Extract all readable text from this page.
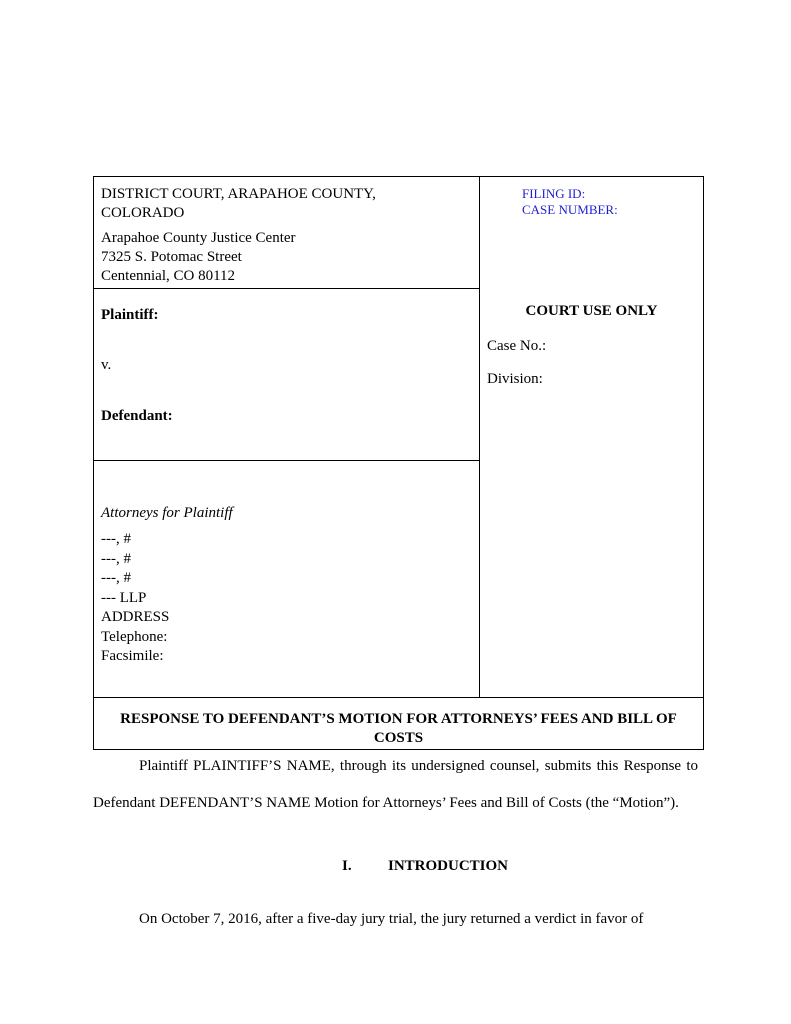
DISTRICT COURT, ARAPAHOE COUNTY,
COLORADO
Arapahoe County Justice Center
7325 S. Potomac Street
Centennial, CO 80112
Plaintiff:
v.
Defendant:
Attorneys for Plaintiff
---, #
---, #
---, #
--- LLP
ADDRESS
Telephone:
Facsimile:
FILING ID:
CASE NUMBER:
COURT USE ONLY
Case No.:
Division:
RESPONSE TO DEFENDANT’S MOTION FOR ATTORNEYS’ FEES AND BILL OF COSTS

Plaintiff PLAINTIFF’S NAME, through its undersigned counsel, submits this Response to Defendant DEFENDANT’S NAME Motion for Attorneys’ Fees and Bill of Costs (the “Motion”).

I. INTRODUCTION
On October 7, 2016, after a five-day jury trial, the jury returned a verdict in favor of
